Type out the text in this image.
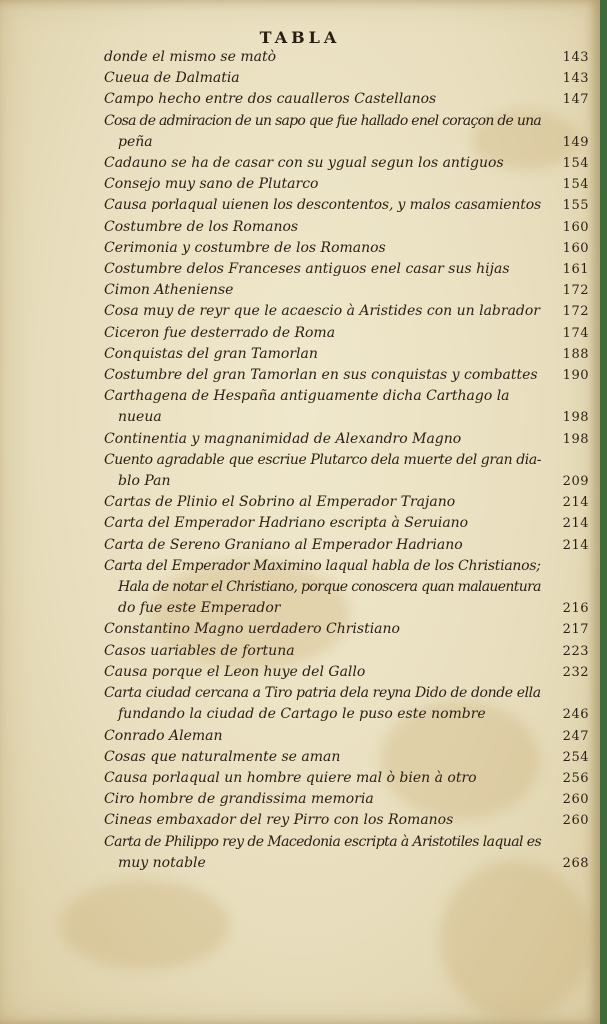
TABLA
donde el mismo se matò	143
Cueua de Dalmatia	143
Campo hecho entre dos caualleros Castellanos	147
Cosa de admiracion de un sapo que fue hallado enel coraçon de una
peña	149
Cadauno se ha de casar con su ygual segun los antiguos	154
Consejo muy sano de Plutarco	154
Causa porlaqual uienen los descontentos, y malos casamientos 155
Costumbre de los Romanos	160
Cerimonia y costumbre de los Romanos	160
Costumbre delos Franceses antiguos enel casar sus hijas	161
Cimon Atheniense	172
Cosa muy de reyr que le acaescio à Aristides con un labrador 172
Ciceron fue desterrado de Roma	174
Conquistas del gran Tamorlan	188
Costumbre del gran Tamorlan en sus conquistas y combattes 190
Carthagena de Hespaña antiguamente dicha Carthago la
nueua	198
Continentia y magnanimidad de Alexandro Magno	198
Cuento agradable que escriue Plutarco dela muerte del gran dia-
blo Pan	209
Cartas de Plinio el Sobrino al Emperador Trajano	214
Carta del Emperador Hadriano escripta à Seruiano	214
Carta de Sereno Graniano al Emperador Hadriano	214
Carta del Emperador Maximino laqual habla de los Christianos;
Hala de notar el Christiano, porque conoscera quan malauentura
do fue este Emperador	216
Constantino Magno uerdadero Christiano	217
Casos uariables de fortuna	223
Causa porque el Leon huye del Gallo	232
Carta ciudad cercana a Tiro patria dela reyna Dido de donde ella
fundando la ciudad de Cartago le puso este nombre	246
Conrado Aleman	247
Cosas que naturalmente se aman	254
Causa porlaqual un hombre quiere mal ò bien à otro	256
Ciro hombre de grandissima memoria	260
Cineas embaxador del rey Pirro con los Romanos	260
Carta de Philippo rey de Macedonia escripta à Aristotiles laqual es
muy notable	268
